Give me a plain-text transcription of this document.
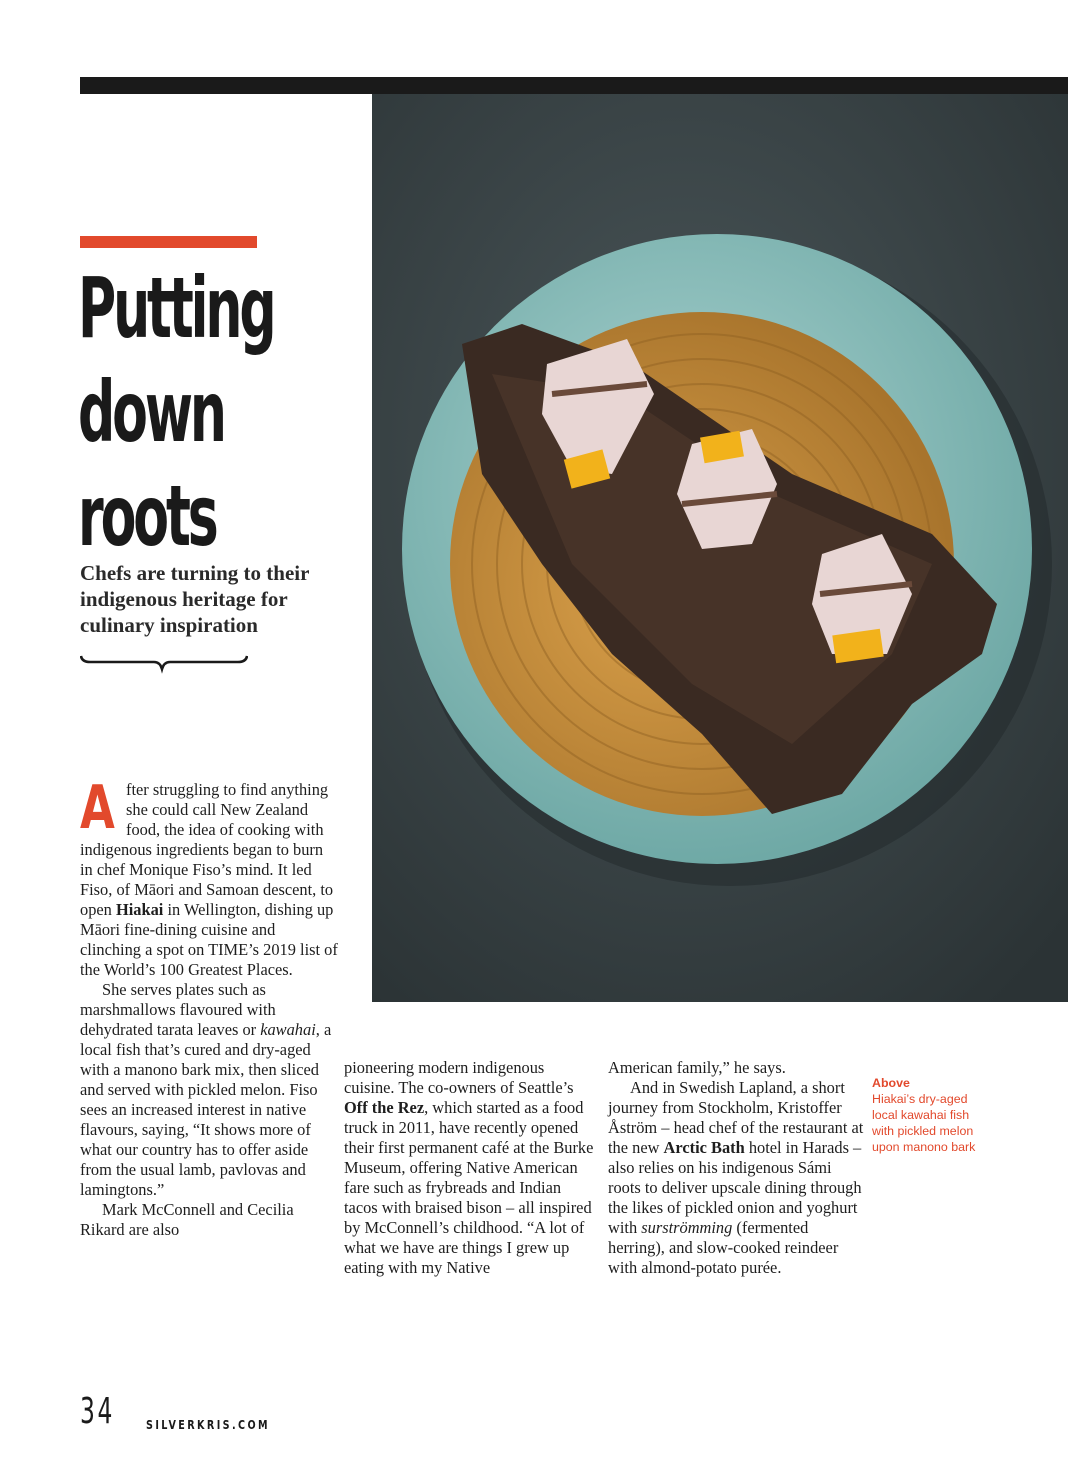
Putting
down
roots

Chefs are turning to their indigenous heritage for culinary inspiration

After struggling to find anything she could call New Zealand food, the idea of cooking with indigenous ingredients began to burn in chef Monique Fiso’s mind. It led Fiso, of Māori and Samoan descent, to open Hiakai in Wellington, dishing up Māori fine-dining cuisine and clinching a spot on TIME’s 2019 list of the World’s 100 Greatest Places.

She serves plates such as marshmallows flavoured with dehydrated tarata leaves or kawahai, a local fish that’s cured and dry-aged with a manono bark mix, then sliced and served with pickled melon. Fiso sees an increased interest in native flavours, saying, “It shows more of what our country has to offer aside from the usual lamb, pavlovas and lamingtons.”

Mark McConnell and Cecilia Rikard are also

pioneering modern indigenous cuisine. The co-owners of Seattle’s Off the Rez, which started as a food truck in 2011, have recently opened their first permanent café at the Burke Museum, offering Native American fare such as frybreads and Indian tacos with braised bison – all inspired by McConnell’s childhood. “A lot of what we have are things I grew up eating with my Native

American family,” he says.

And in Swedish Lapland, a short journey from Stockholm, Kristoffer Åström – head chef of the restaurant at the new Arctic Bath hotel in Harads – also relies on his indigenous Sámi roots to deliver upscale dining through the likes of pickled onion and yoghurt with surströmming (fermented herring), and slow-cooked reindeer with almond-potato purée.

Above
Hiakai’s dry-aged local kawahai fish with pickled melon upon manono bark
34	SILVERKRIS.COM
